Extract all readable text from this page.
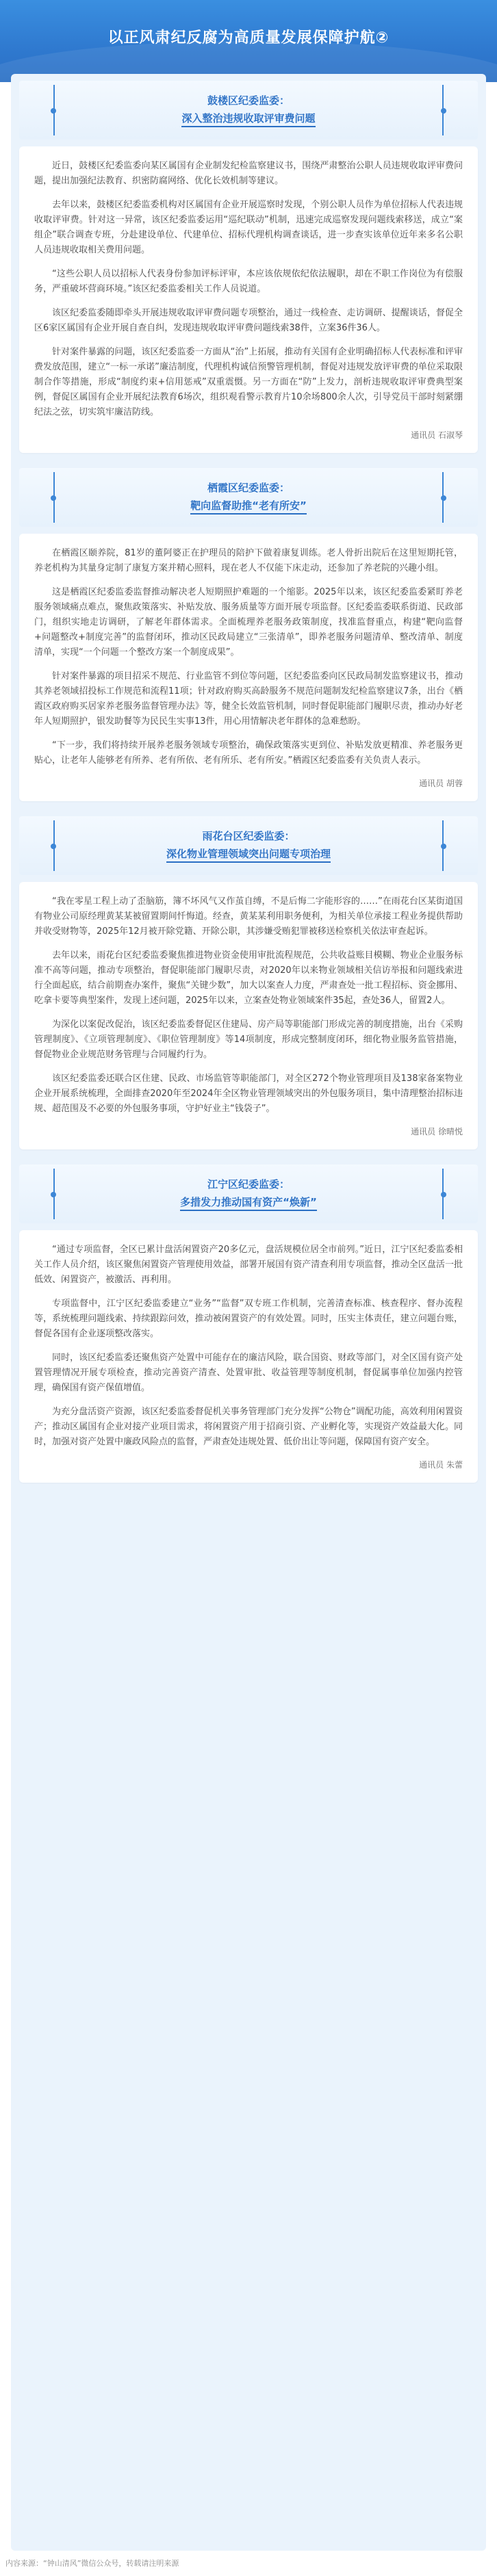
以正风肃纪反腐为高质量发展保障护航②
鼓楼区纪委监委：
深入整治违规收取评审费问题

近日，鼓楼区纪委监委向某区属国有企业制发纪检监察建议书，围绕严肃整治公职人员违规收取评审费问题，提出加强纪法教育、织密防腐网络、优化长效机制等建议。

去年以来，鼓楼区纪委监委机构对区属国有企业开展巡察时发现，个别公职人员作为单位招标人代表违规收取评审费。针对这一异常，该区纪委监委运用“巡纪联动”机制，迅速完成巡察发现问题线索移送，成立“案组企”联合调查专班，分赴建设单位、代建单位、招标代理机构调查谈话，进一步查实该单位近年来多名公职人员违规收取相关费用问题。

“这些公职人员以招标人代表身份参加评标评审，本应该依规依纪依法履职，却在不职工作岗位为有偿服务，严重破坏营商环境。”该区纪委监委相关工作人员说道。

该区纪委监委随即牵头开展违规收取评审费问题专项整治，通过一线检查、走访调研、提醒谈话，督促全区6家区属国有企业开展自查自纠，发现违规收取评审费问题线索38件，立案36件36人。

针对案件暴露的问题，该区纪委监委一方面从“治”上拓展，推动有关国有企业明确招标人代表标准和评审费发放范围，建立“一标一承诺”廉洁制度，代理机构诚信预警管理机制，督促对违规发放评审费的单位采取限制合作等措施，形成“制度约束+信用惩戒”双重震慑。另一方面在“防”上发力，剖析违规收取评审费典型案例，督促区属国有企业开展纪法教育6场次，组织观看警示教育片10余场800余人次，引导党员干部时刻紧绷纪法之弦，切实筑牢廉洁防线。

通讯员 石淑琴
栖霞区纪委监委：
靶向监督助推“老有所安”

在栖霞区颐养院，81岁的董阿婆正在护理员的陪护下做着康复训练。老人骨折出院后在这里短期托管，养老机构为其量身定制了康复方案并精心照料，现在老人不仅能下床走动，还参加了养老院的兴趣小组。

这是栖霞区纪委监委监督推动解决老人短期照护难题的一个缩影。2025年以来，该区纪委监委紧盯养老服务领域痛点难点，聚焦政策落实、补贴发放、服务质量等方面开展专项监督。区纪委监委联系街道、民政部门，组织实地走访调研，了解老年群体需求。全面梳理养老服务政策制度，找准监督重点，构建“靶向监督+问题整改+制度完善”的监督闭环，推动区民政局建立“三张清单”，即养老服务问题清单、整改清单、制度清单，实现“一个问题一个整改方案一个制度成果”。

针对案件暴露的项目招采不规范、行业监管不到位等问题，区纪委监委向区民政局制发监察建议书，推动其养老领域招投标工作规范和流程11项；针对政府购买高龄服务不规范问题制发纪检监察建议7条，出台《栖霞区政府购买居家养老服务监督管理办法》等，健全长效监管机制，同时督促职能部门履职尽责，推动办好老年人短期照护，银发助餐等为民民生实事13件，用心用情解决老年群体的急难愁盼。

“下一步，我们将持续开展养老服务领域专项整治，确保政策落实更到位、补贴发放更精准、养老服务更贴心，让老年人能够老有所养、老有所依、老有所乐、老有所安。”栖霞区纪委监委有关负责人表示。

通讯员 胡蓉
雨花台区纪委监委：
深化物业管理领域突出问题专项治理

“我在零星工程上动了歪脑筋，簿不坏风气又作茧自缚，不是后悔二字能形容的……”在雨花台区某街道国有物业公司原经理黄某某被留置期间忏悔道。经查，黄某某利用职务便利，为相关单位承接工程业务提供帮助并收受财物等，2025年12月被开除党籍、开除公职，其涉嫌受贿犯罪被移送检察机关依法审查起诉。

去年以来，雨花台区纪委监委聚焦推进物业资金使用审批流程规范，公共收益账目模糊、物业企业服务标准不高等问题，推动专项整治，督促职能部门履职尽责，对2020年以来物业领域相关信访举报和问题线索进行全面起底，结合前期查办案件，聚焦“关键少数”，加大以案查人力度，严肃查处一批工程招标、资金挪用、吃拿卡要等典型案件，发现上述问题，2025年以来，立案查处物业领域案件35起，查处36人，留置2人。

为深化以案促改促治，该区纪委监委督促区住建局、房产局等职能部门形成完善的制度措施，出台《采购管理制度》、《立项管理制度》、《职位管理制度》等14项制度，形成完整制度闭环，细化物业服务监管措施，督促物业企业规范财务管理与合同履约行为。

该区纪委监委还联合区住建、民政、市场监管等职能部门，对全区272个物业管理项目及138家备案物业企业开展系统梳理，全面排查2020年至2024年全区物业管理领域突出的外包服务项目，集中清理整治招标违规、超范围及不必要的外包服务事项，守护好业主“钱袋子”。

通讯员 徐晴悦
江宁区纪委监委：
多措发力推动国有资产“焕新”

“通过专项监督，全区已累计盘活闲置资产20多亿元，盘活规模位居全市前列。”近日，江宁区纪委监委相关工作人员介绍，该区聚焦闲置资产管理使用效益，部署开展国有资产清查利用专项监督，推动全区盘活一批低效、闲置资产，被激活、再利用。

专项监督中，江宁区纪委监委建立“业务”“监督”双专班工作机制，完善清查标准、核查程序、督办流程等，系统梳理问题线索、持续跟踪问效，推动被闲置资产的有效处置。同时，压实主体责任，建立问题台账，督促各国有企业逐项整改落实。

同时，该区纪委监委还聚焦资产处置中可能存在的廉洁风险，联合国资、财政等部门，对全区国有资产处置管理情况开展专项检查，推动完善资产清查、处置审批、收益管理等制度机制，督促属事单位加强内控管理，确保国有资产保值增值。

为充分盘活资产资源，该区纪委监委督促机关事务管理部门充分发挥“公物仓”调配功能，高效利用闲置资产；推动区属国有企业对接产业项目需求，将闲置资产用于招商引资、产业孵化等，实现资产效益最大化。同时，加强对资产处置中廉政风险点的监督，严肃查处违规处置、低价出让等问题，保障国有资产安全。

通讯员 朱蕾
内容来源：“钟山清风”微信公众号，转载请注明来源
